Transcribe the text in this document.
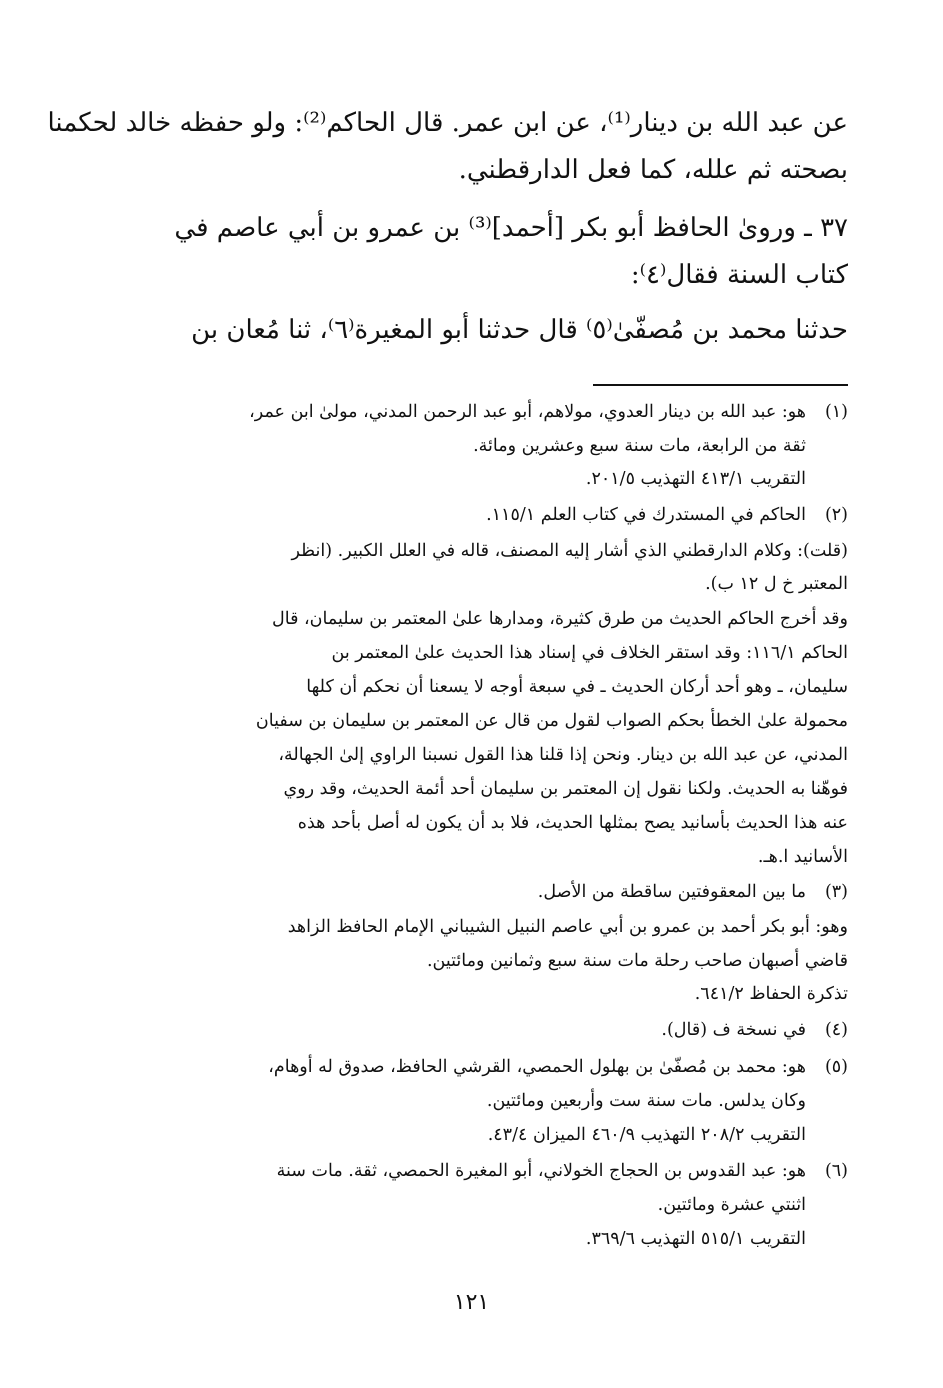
عن عبد الله بن دينار⁽¹⁾، عن ابن عمر. قال الحاكم⁽²⁾: ولو حفظه خالد لحكمنا
بصحته ثم علله، كما فعل الدارقطني.
٣٧ ـ وروىٰ الحافظ أبو بكر [أحمد]⁽³⁾ بن عمرو بن أبي عاصم في
كتاب السنة فقال⁽٤⁾:
حدثنا محمد بن مُصفّىٰ⁽٥⁾ قال حدثنا أبو المغيرة⁽٦⁾، ثنا مُعان بن
(١)
هو: عبد الله بن دينار العدوي، مولاهم، أبو عبد الرحمن المدني، مولىٰ ابن عمر،
ثقة من الرابعة، مات سنة سبع وعشرين ومائة.
التقريب ٤١٣/١ التهذيب ٢٠١/٥.
(٢)
الحاكم في المستدرك في كتاب العلم ١١٥/١.
(قلت): وكلام الدارقطني الذي أشار إليه المصنف، قاله في العلل الكبير. (انظر
المعتبر خ ل ١٢ ب).
وقد أخرج الحاكم الحديث من طرق كثيرة، ومدارها علىٰ المعتمر بن سليمان، قال
الحاكم ١١٦/١: وقد استقر الخلاف في إسناد هذا الحديث علىٰ المعتمر بن
سليمان، ـ وهو أحد أركان الحديث ـ في سبعة أوجه لا يسعنا أن نحكم أن كلها
محمولة علىٰ الخطأ بحكم الصواب لقول من قال عن المعتمر بن سليمان بن سفيان
المدني، عن عبد الله بن دينار. ونحن إذا قلنا هذا القول نسبنا الراوي إلىٰ الجهالة،
فوهّنا به الحديث. ولكنا نقول إن المعتمر بن سليمان أحد أئمة الحديث، وقد روي
عنه هذا الحديث بأسانيد يصح بمثلها الحديث، فلا بد أن يكون له أصل بأحد هذه
الأسانيد ا.هـ.
(٣)
ما بين المعقوفتين ساقطة من الأصل.
وهو: أبو بكر أحمد بن عمرو بن أبي عاصم النبيل الشيباني الإمام الحافظ الزاهد
قاضي أصبهان صاحب رحلة مات سنة سبع وثمانين ومائتين.
تذكرة الحفاظ ٦٤١/٢.
(٤)
في نسخة ف (قال).
(٥)
هو: محمد بن مُصفّىٰ بن بهلول الحمصي، القرشي الحافظ، صدوق له أوهام،
وكان يدلس. مات سنة ست وأربعين ومائتين.
التقريب ٢٠٨/٢ التهذيب ٤٦٠/٩ الميزان ٤٣/٤.
(٦)
هو: عبد القدوس بن الحجاج الخولاني، أبو المغيرة الحمصي، ثقة. مات سنة
اثنتي عشرة ومائتين.
التقريب ٥١٥/١ التهذيب ٣٦٩/٦.
١٢١
